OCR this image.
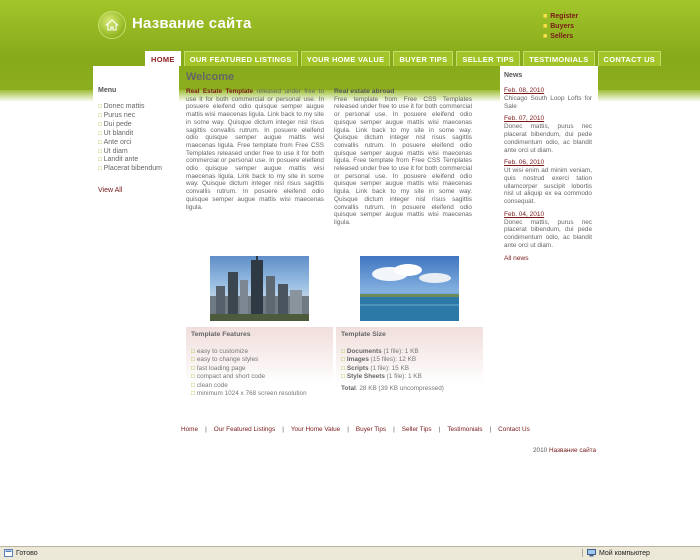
Название сайта	■ Register
■ Buyers
■ Sellers
HOME	OUR FEATURED LISTINGS	YOUR HOME VALUE	BUYER TIPS	SELLER TIPS	TESTIMONIALS	CONTACT US
Menu
□ Donec mattis
□ Purus nec
□ Dui pede
□ Ut blandit
□ Ante orci
□ Ut diam
□ Landit ante
□ Placerat bibendum
View All
Welcome
Real Estate Template released under free to use it for both commercial or personal use. In posuere eleifend odio quisque semper augue mattis wisi maecenas ligula. Link back to my site in some way. Quisque dictum integer nisl risus sagittis convallis rutrum. In posuere eleifend odio quisque semper augue mattis wisi maecenas ligula. Free template from Free CSS Templates released under free to use it for both commercial or personal use. In posuere eleifend odio quisque semper augue mattis wisi maecenas ligula. Link back to my site in some way. Quisque dictum integer nisl risus sagittis convallis rutrum. In posuere eleifend odio quisque semper augue mattis wisi maecenas ligula.
Real estate abroad
Free template from Free CSS Templates released under free to use it for both commercial or personal use. In posuere eleifend odio quisque semper augue mattis wisi maecenas ligula. Link back to my site in some way. Quisque dictum integer nisl risus sagittis convallis rutrum. In posuere eleifend odio quisque semper augue mattis wisi maecenas ligula. Free template from Free CSS Templates released under free to use it for both commercial or personal use. In posuere eleifend odio quisque semper augue mattis wisi maecenas ligula. Link back to my site in some way. Quisque dictum integer nisl risus sagittis convallis rutrum. In posuere eleifend odio quisque semper augue mattis wisi maecenas ligula.
Template Features
□ easy to customize
□ easy to change styles
□ fast loading page
□ compact and short code
□ clean code
□ minimum 1024 x 768 screen resolution
Template Size
□ Documents (1 file): 1 KB
□ Images (15 files): 12 KB
□ Scripts (1 file): 15 KB
□ Style Sheets (1 file): 1 KB
Total: 28 KB (39 KB uncompressed)
News
Feb. 08, 2010
Chicago South Loop Lofts for Sale
Feb. 07, 2010
Donec mattis, purus nec placerat bibendum, dui pede condimentum odio, ac blandit ante orci ut diam.
Feb. 06, 2010
Ut wisi enim ad minim veniam, quis nostrud exerci tation ullamcorper suscipit lobortis nisl ut aliquip ex ea commodo consequat.
Feb. 04, 2010
Donec mattis, purus nec placerat bibendum, dui pede condimentum odio, ac blandit ante orci ut diam.
All news
Home | Our Featured Listings | Your Home Value | Buyer Tips | Seller Tips | Testimonials | Contact Us
2010 Название сайта
Готово	Мой компьютер
